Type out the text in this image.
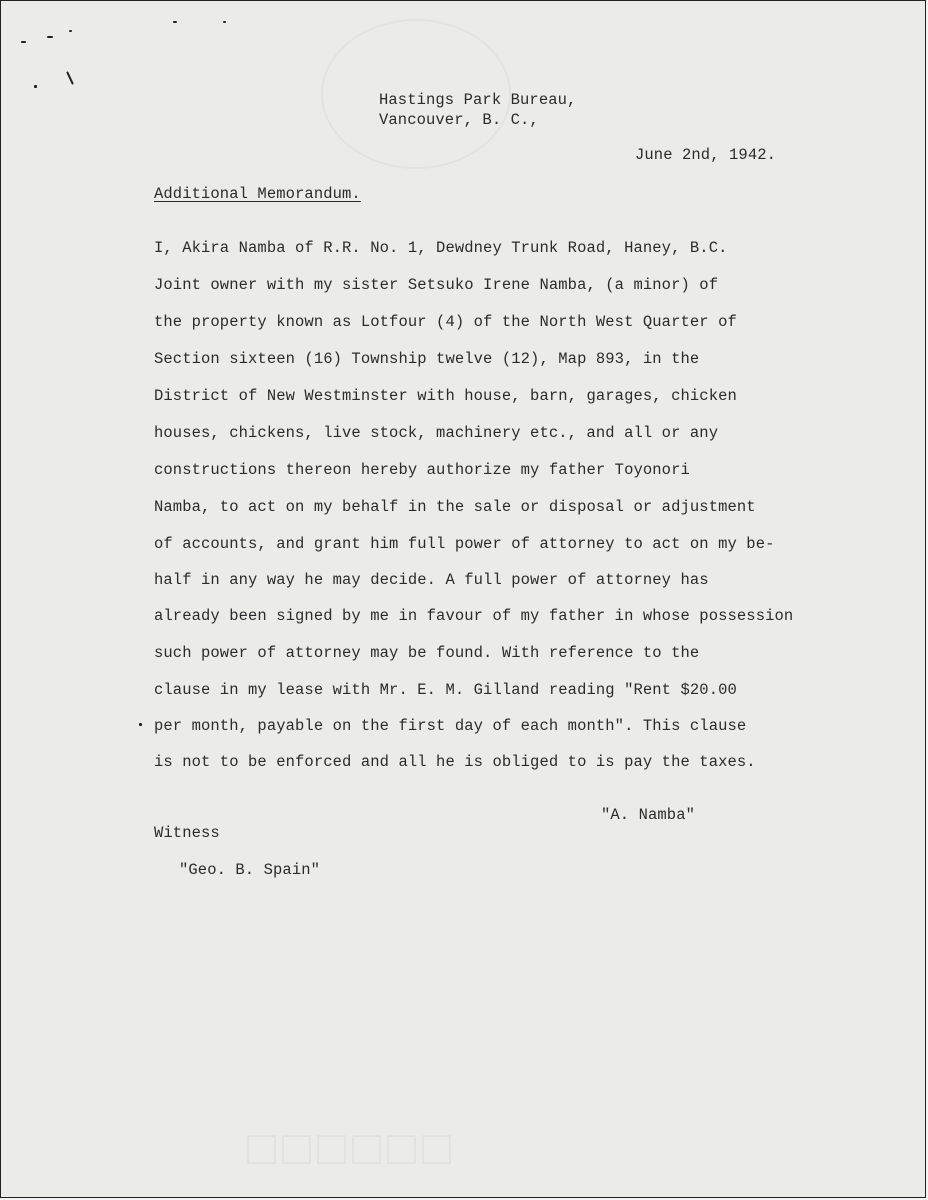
Hastings Park Bureau,
Vancouver, B. C.,
June 2nd, 1942.
Additional Memorandum.
I, Akira Namba of R.R. No. 1, Dewdney Trunk Road, Haney, B.C.
Joint owner with my sister Setsuko Irene Namba, (a minor) of
the property known as Lotfour (4) of the North West Quarter of
Section sixteen (16) Township twelve (12), Map 893, in the
District of New Westminster with house, barn, garages, chicken
houses, chickens, live stock, machinery etc., and all or any
constructions thereon hereby authorize my father Toyonori
Namba, to act on my behalf in the sale or disposal or adjustment
of accounts, and grant him full power of attorney to act on my be-
half in any way he may decide. A full power of attorney has
already been signed by me in favour of my father in whose possession
such power of attorney may be found. With reference to the
clause in my lease with Mr. E. M. Gilland reading "Rent $20.00
per month, payable on the first day of each month". This clause
is not to be enforced and all he is obliged to is pay the taxes.
"A. Namba"
Witness
"Geo. B. Spain"
